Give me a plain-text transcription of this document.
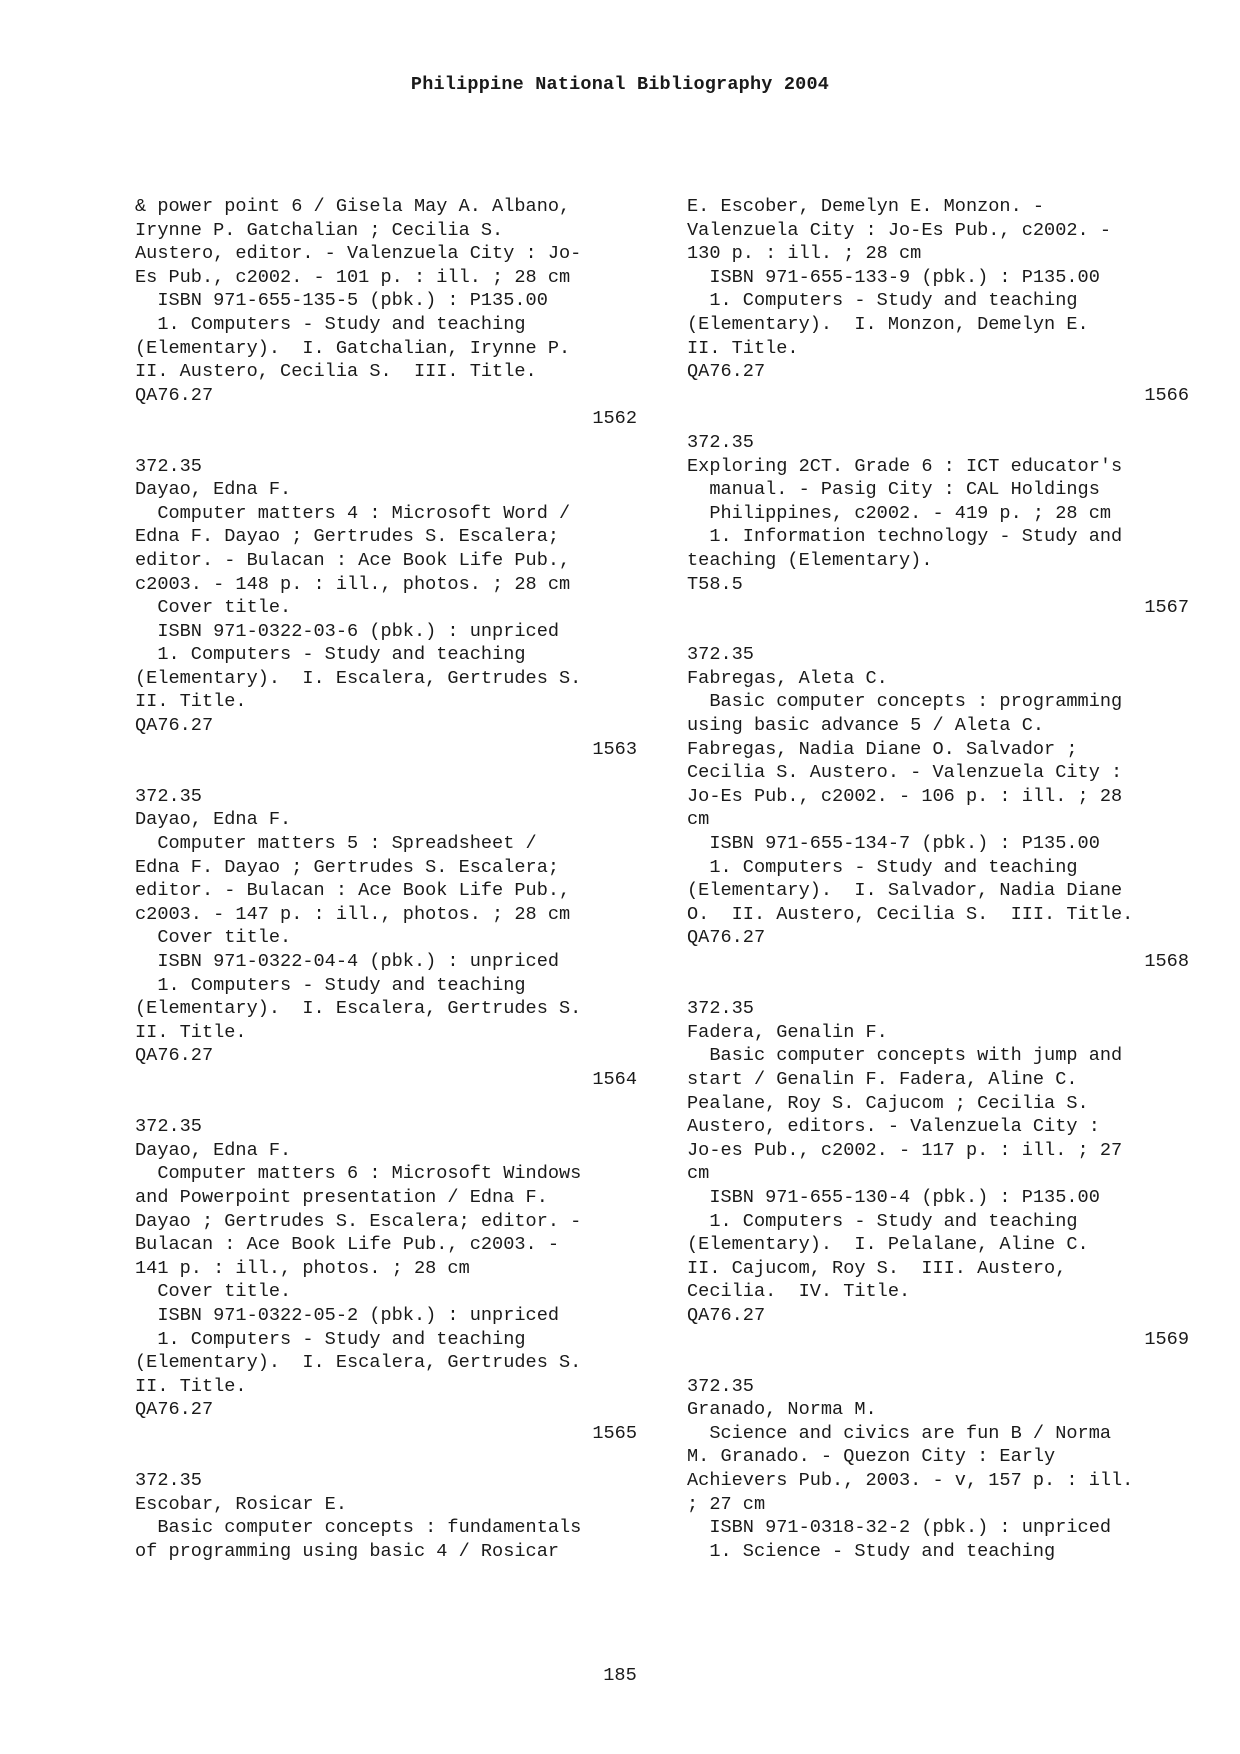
Philippine National Bibliography 2004
& power point 6 / Gisela May A. Albano,
Irynne P. Gatchalian ; Cecilia S.
Austero, editor. - Valenzuela City : Jo-
Es Pub., c2002. - 101 p. : ill. ; 28 cm
ISBN 971-655-135-5 (pbk.) : P135.00
1. Computers - Study and teaching
(Elementary).  I. Gatchalian, Irynne P.
II. Austero, Cecilia S.  III. Title.
QA76.27
1562
372.35
Dayao, Edna F.
Computer matters 4 : Microsoft Word /
Edna F. Dayao ; Gertrudes S. Escalera;
editor. - Bulacan : Ace Book Life Pub.,
c2003. - 148 p. : ill., photos. ; 28 cm
Cover title.
ISBN 971-0322-03-6 (pbk.) : unpriced
1. Computers - Study and teaching
(Elementary).  I. Escalera, Gertrudes S.
II. Title.
QA76.27
1563
372.35
Dayao, Edna F.
Computer matters 5 : Spreadsheet /
Edna F. Dayao ; Gertrudes S. Escalera;
editor. - Bulacan : Ace Book Life Pub.,
c2003. - 147 p. : ill., photos. ; 28 cm
Cover title.
ISBN 971-0322-04-4 (pbk.) : unpriced
1. Computers - Study and teaching
(Elementary).  I. Escalera, Gertrudes S.
II. Title.
QA76.27
1564
372.35
Dayao, Edna F.
Computer matters 6 : Microsoft Windows
and Powerpoint presentation / Edna F.
Dayao ; Gertrudes S. Escalera; editor. -
Bulacan : Ace Book Life Pub., c2003. -
141 p. : ill., photos. ; 28 cm
Cover title.
ISBN 971-0322-05-2 (pbk.) : unpriced
1. Computers - Study and teaching
(Elementary).  I. Escalera, Gertrudes S.
II. Title.
QA76.27
1565
372.35
Escobar, Rosicar E.
Basic computer concepts : fundamentals
of programming using basic 4 / Rosicar
E. Escober, Demelyn E. Monzon. -
Valenzuela City : Jo-Es Pub., c2002. -
130 p. : ill. ; 28 cm
ISBN 971-655-133-9 (pbk.) : P135.00
1. Computers - Study and teaching
(Elementary).  I. Monzon, Demelyn E.
II. Title.
QA76.27
1566
372.35
Exploring 2CT. Grade 6 : ICT educator's
manual. - Pasig City : CAL Holdings
Philippines, c2002. - 419 p. ; 28 cm
1. Information technology - Study and
teaching (Elementary).
T58.5
1567
372.35
Fabregas, Aleta C.
Basic computer concepts : programming
using basic advance 5 / Aleta C.
Fabregas, Nadia Diane O. Salvador ;
Cecilia S. Austero. - Valenzuela City :
Jo-Es Pub., c2002. - 106 p. : ill. ; 28
cm
ISBN 971-655-134-7 (pbk.) : P135.00
1. Computers - Study and teaching
(Elementary).  I. Salvador, Nadia Diane
O.  II. Austero, Cecilia S.  III. Title.
QA76.27
1568
372.35
Fadera, Genalin F.
Basic computer concepts with jump and
start / Genalin F. Fadera, Aline C.
Pealane, Roy S. Cajucom ; Cecilia S.
Austero, editors. - Valenzuela City :
Jo-es Pub., c2002. - 117 p. : ill. ; 27
cm
ISBN 971-655-130-4 (pbk.) : P135.00
1. Computers - Study and teaching
(Elementary).  I. Pelalane, Aline C.
II. Cajucom, Roy S.  III. Austero,
Cecilia.  IV. Title.
QA76.27
1569
372.35
Granado, Norma M.
Science and civics are fun B / Norma
M. Granado. - Quezon City : Early
Achievers Pub., 2003. - v, 157 p. : ill.
; 27 cm
ISBN 971-0318-32-2 (pbk.) : unpriced
1. Science - Study and teaching
185
